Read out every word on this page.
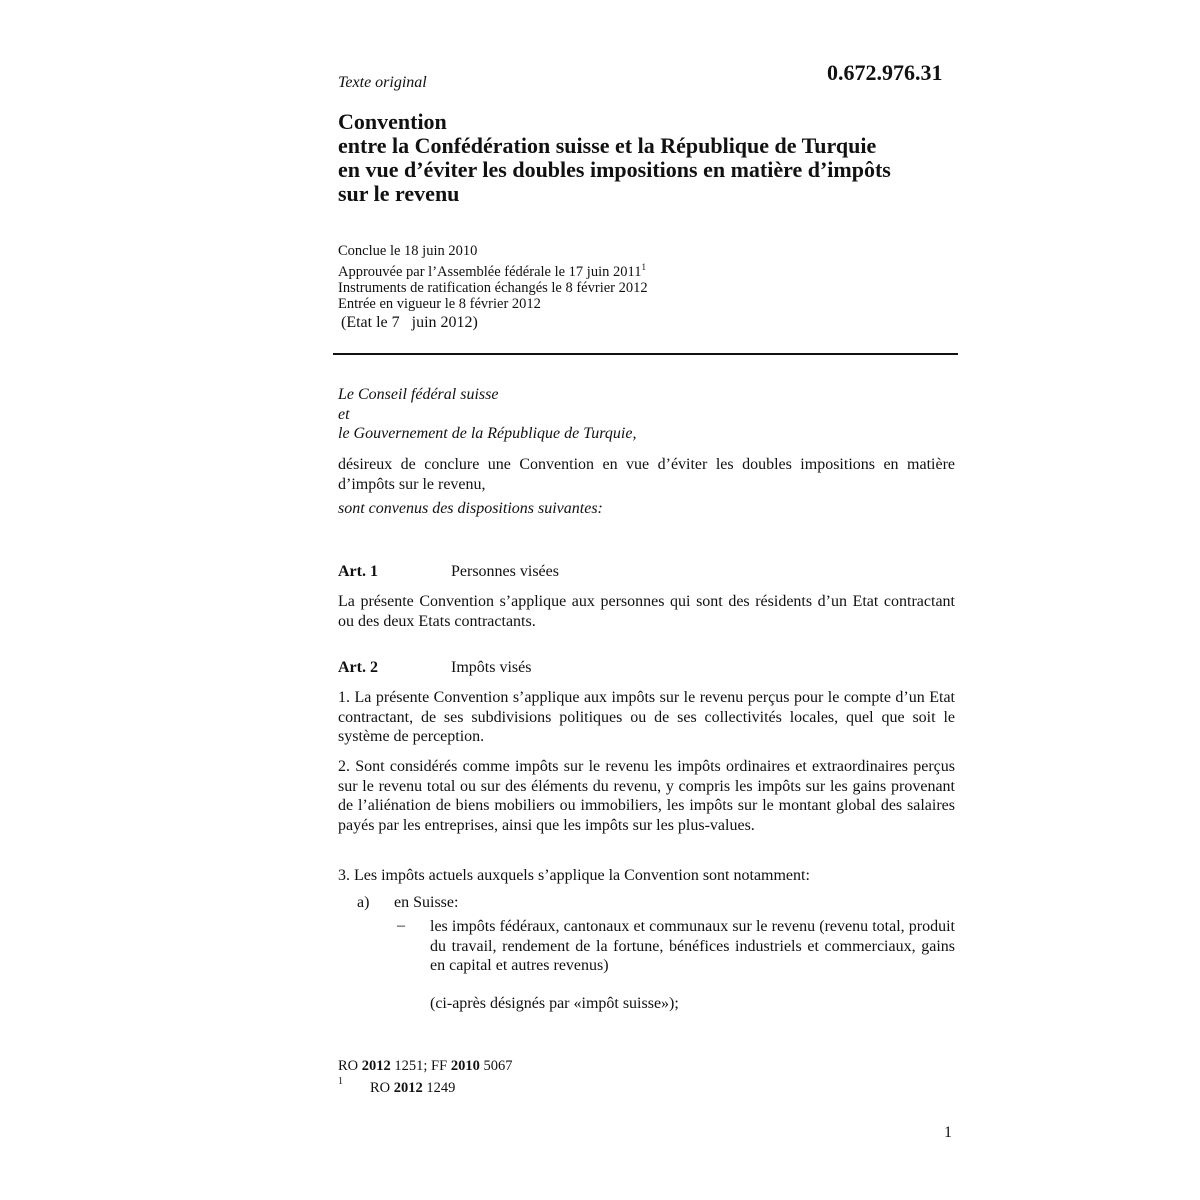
0.672.976.31
Texte original
Convention
entre la Confédération suisse et la République de Turquie
en vue d’éviter les doubles impositions en matière d’impôts
sur le revenu
Conclue le 18 juin 2010
Approuvée par l’Assemblée fédérale le 17 juin 2011$^1$
Instruments de ratification échangés le 8 février 2012
Entrée en vigueur le 8 février 2012
(Etat le 7   juin 2012)
Le Conseil fédéral suisse
et
le Gouvernement de la République de Turquie,
désireux de conclure une Convention en vue d’éviter les doubles impositions en matière d’impôts sur le revenu,
sont convenus des dispositions suivantes:
Art. 1	Personnes visées
La présente Convention s’applique aux personnes qui sont des résidents d’un Etat contractant ou des deux Etats contractants.
Art. 2	Impôts visés
1. La présente Convention s’applique aux impôts sur le revenu perçus pour le compte d’un Etat contractant, de ses subdivisions politiques ou de ses collectivités locales, quel que soit le système de perception.
2. Sont considérés comme impôts sur le revenu les impôts ordinaires et extraordinaires perçus sur le revenu total ou sur des éléments du revenu, y compris les impôts sur les gains provenant de l’aliénation de biens mobiliers ou immobiliers, les impôts sur le montant global des salaires payés par les entreprises, ainsi que les impôts sur les plus-values.
3. Les impôts actuels auxquels s’applique la Convention sont notamment:
a) en Suisse:
– les impôts fédéraux, cantonaux et communaux sur le revenu (revenu total, produit du travail, rendement de la fortune, bénéfices industriels et commerciaux, gains en capital et autres revenus)
(ci-après désignés par «impôt suisse»);
RO 2012 1251; FF 2010 5067
1 RO 2012 1249
1
